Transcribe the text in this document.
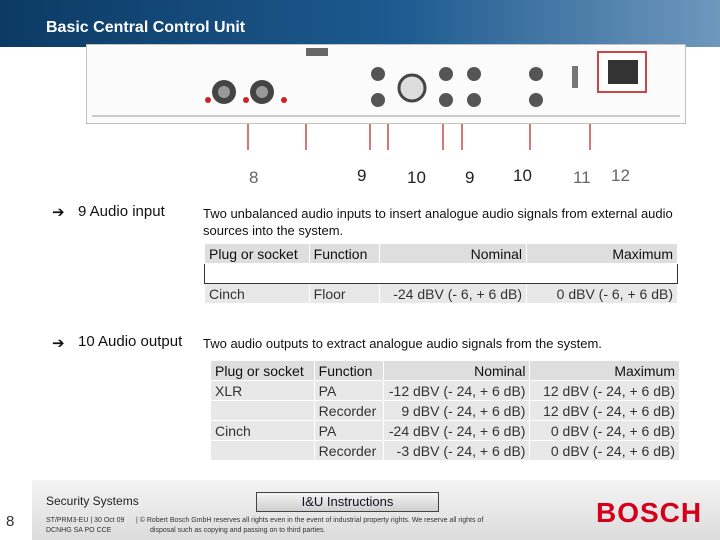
Basic Central Control Unit
8	9 10 9 10 11 12
➔ 9 Audio input	Two unbalanced audio inputs to insert analogue audio signals from external audio sources into the system.
Plug or socket	Function	Nominal	Maximum

Cinch	Floor	-24 dBV (- 6, + 6 dB)	0 dBV (- 6, + 6 dB)
➔ 10 Audio output Two audio outputs to extract analogue audio signals from the system.
Plug or socket	Function	Nominal	Maximum
XLR	PA	-12 dBV (- 24, + 6 dB)	12 dBV (- 24, + 6 dB)
	Recorder	9 dBV (- 24, + 6 dB)	12 dBV (- 24, + 6 dB)
Cinch	PA	-24 dBV (- 24, + 6 dB)	0 dBV (- 24, + 6 dB)
	Recorder	-3 dBV (- 24, + 6 dB)	0 dBV (- 24, + 6 dB)
Security Systems
ST/PRM3-EU | 30 Oct 09
DCNHG SA PO CCE
| © Robert Bosch GmbH reserves all rights even in the event of industrial property rights. We reserve all rights of
disposal such as copying and passing on to third parties.
I&U Instructions	BOSCH
8
